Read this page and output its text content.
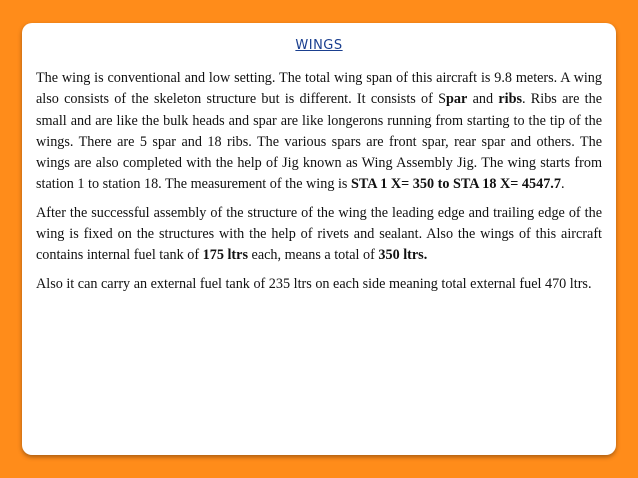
WINGS

The wing is conventional and low setting. The total wing span of this aircraft is 9.8 meters. A wing also consists of the skeleton structure but is different. It consists of Spar and ribs. Ribs are the small and are like the bulk heads and spar are like longerons running from starting to the tip of the wings. There are 5 spar and 18 ribs. The various spars are front spar, rear spar and others. The wings are also completed with the help of Jig known as Wing Assembly Jig. The wing starts from station 1 to station 18. The measurement of the wing is STA 1 X= 350 to STA 18 X= 4547.7.

After the successful assembly of the structure of the wing the leading edge and trailing edge of the wing is fixed on the structures with the help of rivets and sealant. Also the wings of this aircraft contains internal fuel tank of 175 ltrs each, means a total of 350 ltrs.

Also it can carry an external fuel tank of 235 ltrs on each side meaning total external fuel 470 ltrs.
